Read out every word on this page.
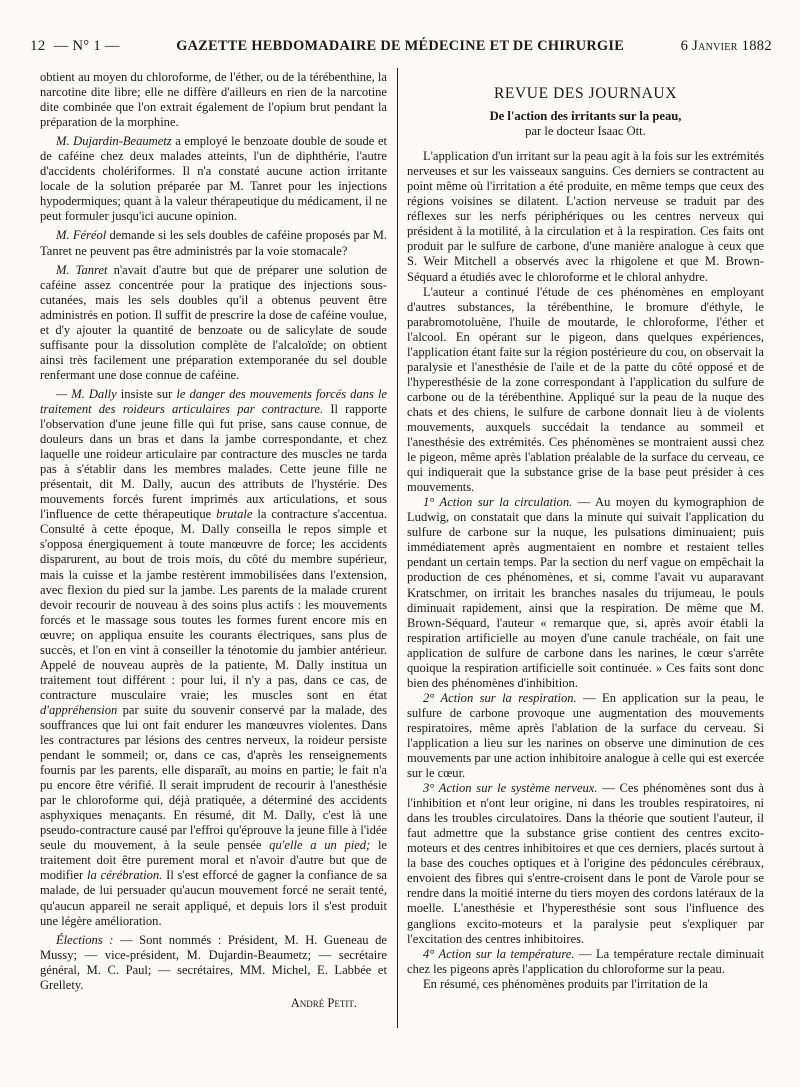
12 — N° 1 —	GAZETTE HEBDOMADAIRE DE MÉDECINE ET DE CHIRURGIE	6 Janvier 1882

obtient au moyen du chloroforme, de l'éther, ou de la térébenthine, la narcotine dite libre; elle ne diffère d'ailleurs en rien de la narcotine dite combinée que l'on extrait également de l'opium brut pendant la préparation de la morphine.

M. Dujardin-Beaumetz a employé le benzoate double de soude et de caféine chez deux malades atteints, l'un de diphthérie, l'autre d'accidents cholériformes. Il n'a constaté aucune action irritante locale de la solution préparée par M. Tanret pour les injections hypodermiques; quant à la valeur thérapeutique du médicament, il ne peut formuler jusqu'ici aucune opinion.

M. Féréol demande si les sels doubles de caféine proposés par M. Tanret ne peuvent pas être administrés par la voie stomacale?

M. Tanret n'avait d'autre but que de préparer une solution de caféine assez concentrée pour la pratique des injections sous-cutanées, mais les sels doubles qu'il a obtenus peuvent être administrés en potion. Il suffit de prescrire la dose de caféine voulue, et d'y ajouter la quantité de benzoate ou de salicylate de soude suffisante pour la dissolution complète de l'alcaloïde; on obtient ainsi très facilement une préparation extemporanée du sel double renfermant une dose connue de caféine.

— M. Dally insiste sur le danger des mouvements forcés dans le traitement des roideurs articulaires par contracture. Il rapporte l'observation d'une jeune fille qui fut prise, sans cause connue, de douleurs dans un bras et dans la jambe correspondante, et chez laquelle une roideur articulaire par contracture des muscles ne tarda pas à s'établir dans les membres malades. Cette jeune fille ne présentait, dit M. Dally, aucun des attributs de l'hystérie. Des mouvements forcés furent imprimés aux articulations, et sous l'influence de cette thérapeutique brutale la contracture s'accentua. Consulté à cette époque, M. Dally conseilla le repos simple et s'opposa énergiquement à toute manœuvre de force; les accidents disparurent, au bout de trois mois, du côté du membre supérieur, mais la cuisse et la jambe restèrent immobilisées dans l'extension, avec flexion du pied sur la jambe. Les parents de la malade crurent devoir recourir de nouveau à des soins plus actifs : les mouvements forcés et le massage sous toutes les formes furent encore mis en œuvre; on appliqua ensuite les courants électriques, sans plus de succès, et l'on en vint à conseiller la ténotomie du jambier antérieur. Appelé de nouveau auprès de la patiente, M. Dally institua un traitement tout différent : pour lui, il n'y a pas, dans ce cas, de contracture musculaire vraie; les muscles sont en état d'appréhension par suite du souvenir conservé par la malade, des souffrances que lui ont fait endurer les manœuvres violentes. Dans les contractures par lésions des centres nerveux, la roideur persiste pendant le sommeil; or, dans ce cas, d'après les renseignements fournis par les parents, elle disparaît, au moins en partie; le fait n'a pu encore être vérifié. Il serait imprudent de recourir à l'anesthésie par le chloroforme qui, déjà pratiquée, a déterminé des accidents asphyxiques menaçants. En résumé, dit M. Dally, c'est là une pseudo-contracture causé par l'effroi qu'éprouve la jeune fille à l'idée seule du mouvement, à la seule pensée qu'elle a un pied; le traitement doit être purement moral et n'avoir d'autre but que de modifier la cérébration. Il s'est efforcé de gagner la confiance de sa malade, de lui persuader qu'aucun mouvement forcé ne serait tenté, qu'aucun appareil ne serait appliqué, et depuis lors il s'est produit une légère amélioration.

Élections : — Sont nommés : Président, M. H. Gueneau de Mussy; — vice-président, M. Dujardin-Beaumetz; — secrétaire général, M. C. Paul; — secrétaires, MM. Michel, E. Labbée et Grellety.

André Petit.

REVUE DES JOURNAUX
De l'action des irritants sur la peau,
par le docteur Isaac Ott.

L'application d'un irritant sur la peau agit à la fois sur les extrémités nerveuses et sur les vaisseaux sanguins. Ces derniers se contractent au point même où l'irritation a été produite, en même temps que ceux des régions voisines se dilatent. L'action nerveuse se traduit par des réflexes sur les nerfs périphériques ou les centres nerveux qui président à la motilité, à la circulation et à la respiration. Ces faits ont produit par le sulfure de carbone, d'une manière analogue à ceux que S. Weir Mitchell a observés avec la rhigolene et que M. Brown-Séquard a étudiés avec le chloroforme et le chloral anhydre.

L'auteur a continué l'étude de ces phénomènes en employant d'autres substances, la térébenthine, le bromure d'éthyle, le parabromotoluène, l'huile de moutarde, le chloroforme, l'éther et l'alcool. En opérant sur le pigeon, dans quelques expériences, l'application étant faite sur la région postérieure du cou, on observait la paralysie et l'anesthésie de l'aile et de la patte du côté opposé et de l'hyperesthésie de la zone correspondant à l'application du sulfure de carbone ou de la térébenthine. Appliqué sur la peau de la nuque des chats et des chiens, le sulfure de carbone donnait lieu à de violents mouvements, auxquels succédait la tendance au sommeil et l'anesthésie des extrémités. Ces phénomènes se montraient aussi chez le pigeon, même après l'ablation préalable de la surface du cerveau, ce qui indiquerait que la substance grise de la base peut présider à ces mouvements.

1° Action sur la circulation. — Au moyen du kymographion de Ludwig, on constatait que dans la minute qui suivait l'application du sulfure de carbone sur la nuque, les pulsations diminuaient; puis immédiatement après augmentaient en nombre et restaient telles pendant un certain temps. Par la section du nerf vague on empêchait la production de ces phénomènes, et si, comme l'avait vu auparavant Kratschmer, on irritait les branches nasales du trijumeau, le pouls diminuait rapidement, ainsi que la respiration. De même que M. Brown-Séquard, l'auteur « remarque que, si, après avoir établi la respiration artificielle au moyen d'une canule trachéale, on fait une application de sulfure de carbone dans les narines, le cœur s'arrête quoique la respiration artificielle soit continuée. » Ces faits sont donc bien des phénomènes d'inhibition.

2° Action sur la respiration. — En application sur la peau, le sulfure de carbone provoque une augmentation des mouvements respiratoires, même après l'ablation de la surface du cerveau. Si l'application a lieu sur les narines on observe une diminution de ces mouvements par une action inhibitoire analogue à celle qui est exercée sur le cœur.

3° Action sur le système nerveux. — Ces phénomènes sont dus à l'inhibition et n'ont leur origine, ni dans les troubles respiratoires, ni dans les troubles circulatoires. Dans la théorie que soutient l'auteur, il faut admettre que la substance grise contient des centres excito-moteurs et des centres inhibitoires et que ces derniers, placés surtout à la base des couches optiques et à l'origine des pédoncules cérébraux, envoient des fibres qui s'entre-croisent dans le pont de Varole pour se rendre dans la moitié interne du tiers moyen des cordons latéraux de la moelle. L'anesthésie et l'hyperesthésie sont sous l'influence des ganglions excito-moteurs et la paralysie peut s'expliquer par l'excitation des centres inhibitoires.

4° Action sur la température. — La température rectale diminuait chez les pigeons après l'application du chloroforme sur la peau.

En résumé, ces phénomènes produits par l'irritation de la
